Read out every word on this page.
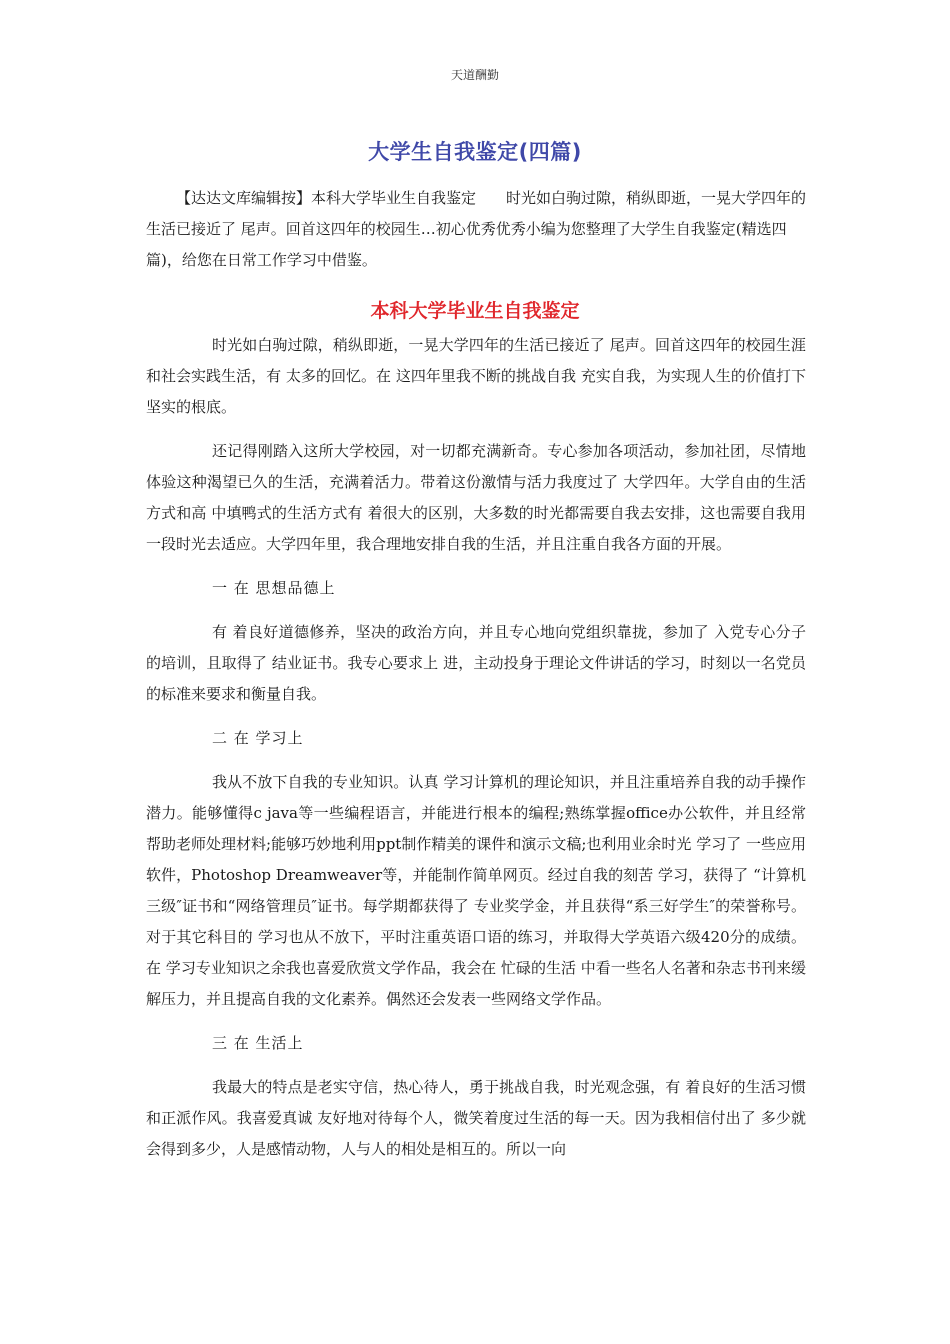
天道酬勤
大学生自我鉴定(四篇)
【达达文库编辑按】本科大学毕业生自我鉴定　　时光如白驹过隙，稍纵即逝，一晃大学四年的生活已接近了 尾声。回首这四年的校园生…初心优秀优秀小编为您整理了大学生自我鉴定(精选四篇)，给您在日常工作学习中借鉴。
本科大学毕业生自我鉴定

时光如白驹过隙，稍纵即逝，一晃大学四年的生活已接近了 尾声。回首这四年的校园生涯和社会实践生活，有 太多的回忆。在 这四年里我不断的挑战自我 充实自我，为实现人生的价值打下坚实的根底。

还记得刚踏入这所大学校园，对一切都充满新奇。专心参加各项活动，参加社团，尽情地体验这种渴望已久的生活，充满着活力。带着这份激情与活力我度过了 大学四年。大学自由的生活方式和高 中填鸭式的生活方式有 着很大的区别，大多数的时光都需要自我去安排，这也需要自我用一段时光去适应。大学四年里，我合理地安排自我的生活，并且注重自我各方面的开展。

一 在 思想品德上

有 着良好道德修养，坚决的政治方向，并且专心地向党组织靠拢，参加了 入党专心分子的培训，且取得了 结业证书。我专心要求上 进，主动投身于理论文件讲话的学习，时刻以一名党员的标准来要求和衡量自我。

二 在 学习上

我从不放下自我的专业知识。认真 学习计算机的理论知识，并且注重培养自我的动手操作潜力。能够懂得c java等一些编程语言，并能进行根本的编程;熟练掌握office办公软件，并且经常帮助老师处理材料;能够巧妙地利用ppt制作精美的课件和演示文稿;也利用业余时光 学习了 一些应用软件，Photoshop Dreamweaver等，并能制作简单网页。经过自我的刻苦 学习，获得了 “计算机三级″证书和“网络管理员″证书。每学期都获得了 专业奖学金，并且获得“系三好学生″的荣誉称号。对于其它科目的 学习也从不放下，平时注重英语口语的练习，并取得大学英语六级420分的成绩。在 学习专业知识之余我也喜爱欣赏文学作品，我会在 忙碌的生活 中看一些名人名著和杂志书刊来缓解压力，并且提高自我的文化素养。偶然还会发表一些网络文学作品。

三 在 生活上

我最大的特点是老实守信，热心待人，勇于挑战自我，时光观念强，有 着良好的生活习惯和正派作风。我喜爱真诚 友好地对待每个人，微笑着度过生活的每一天。因为我相信付出了 多少就会得到多少，人是感情动物，人与人的相处是相互的。所以一向
